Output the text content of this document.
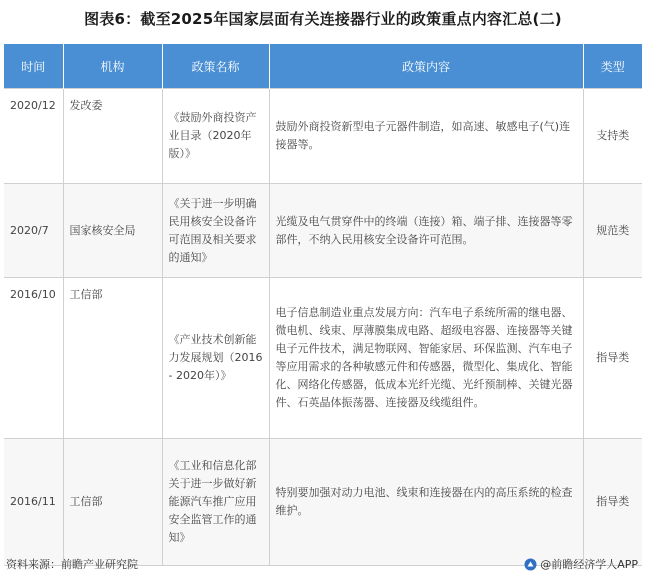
图表6：截至2025年国家层面有关连接器行业的政策重点内容汇总(二)
时间	机构	政策名称	政策内容	类型
2020/12	发改委	《鼓励外商投资产业目录（2020年版）》	鼓励外商投资新型电子元器件制造，如高速、敏感电子(气)连接器等。	支持类
2020/7	国家核安全局	《关于进一步明确民用核安全设备许可范围及相关要求的通知》	光缆及电气贯穿件中的终端（连接）箱、端子排、连接器等零部件，不纳入民用核安全设备许可范围。	规范类
2016/10	工信部	《产业技术创新能力发展规划（2016 - 2020年）》	电子信息制造业重点发展方向：汽车电子系统所需的继电器、微电机、线束、厚薄膜集成电路、超级电容器、连接器等关键电子元件技术，满足物联网、智能家居、环保监测、汽车电子等应用需求的各种敏感元件和传感器，微型化、集成化、智能化、网络化传感器，低成本光纤光缆、光纤预制棒、关键光器件、石英晶体振荡器、连接器及线缆组件。	指导类
2016/11	工信部	《工业和信息化部关于进一步做好新能源汽车推广应用安全监管工作的通知》	特别要加强对动力电池、线束和连接器在内的高压系统的检查维护。	指导类
资料来源：前瞻产业研究院	@前瞻经济学人APP
